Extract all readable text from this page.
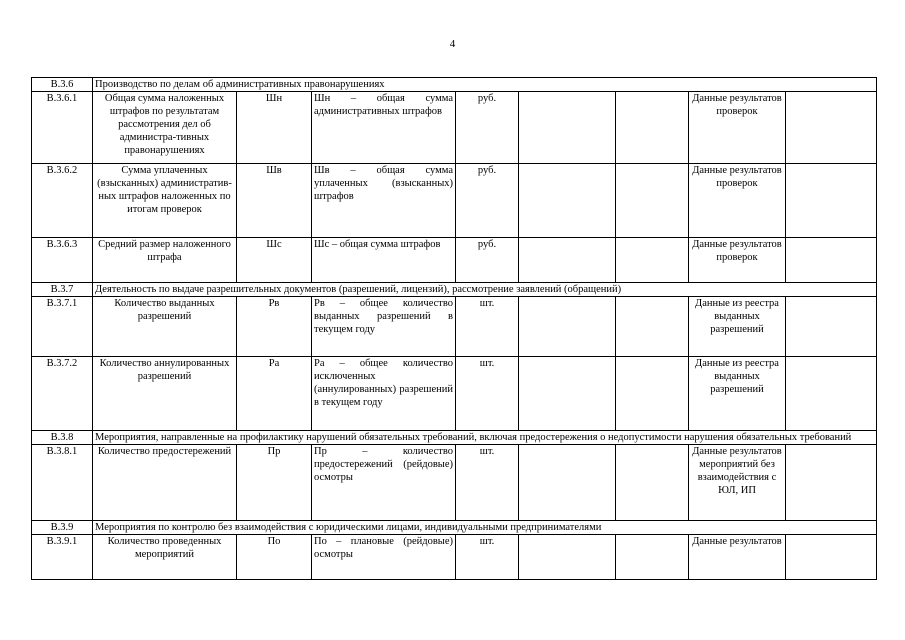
4
В.3.6	Производство по делам об административных правонарушениях							
В.3.6.1	Общая сумма наложенных штрафов по результатам рассмотрения дел об администра-тивных правонарушениях	Шн	Шн – общая сумма административных штрафов	руб.			Данные результатов проверок	
В.3.6.2	Сумма уплаченных (взысканных) административ-ных штрафов наложенных по итогам проверок	Шв	Шв – общая сумма уплаченных (взысканных) штрафов	руб.			Данные результатов проверок	
В.3.6.3	Средний размер наложенного штрафа	Шс	Шс – общая сумма штрафов	руб.			Данные результатов проверок	
В.3.7	Деятельность по выдаче разрешительных документов (разрешений, лицензий), рассмотрение заявлений (обращений)							
В.3.7.1	Количество выданных разрешений	Рв	Рв – общее количество выданных разрешений в текущем году	шт.			Данные из реестра выданных разрешений	
В.3.7.2	Количество аннулированных разрешений	Ра	Ра – общее количество исключенных (аннулированных) разрешений в текущем году	шт.			Данные из реестра выданных разрешений	
В.3.8	Мероприятия, направленные на профилактику нарушений обязательных требований, включая предостережения о недопустимости нарушения обязательных требований							
В.3.8.1	Количество предостережений	Пр	Пр – количество предостережений (рейдовые) осмотры	шт.			Данные результатов мероприятий без взаимодействия с ЮЛ, ИП	
В.3.9	Мероприятия по контролю без взаимодействия с юридическими лицами, индивидуальными предпринимателями							
В.3.9.1	Количество проведенных мероприятий	По	По – плановые (рейдовые) осмотры	шт.			Данные результатов	
